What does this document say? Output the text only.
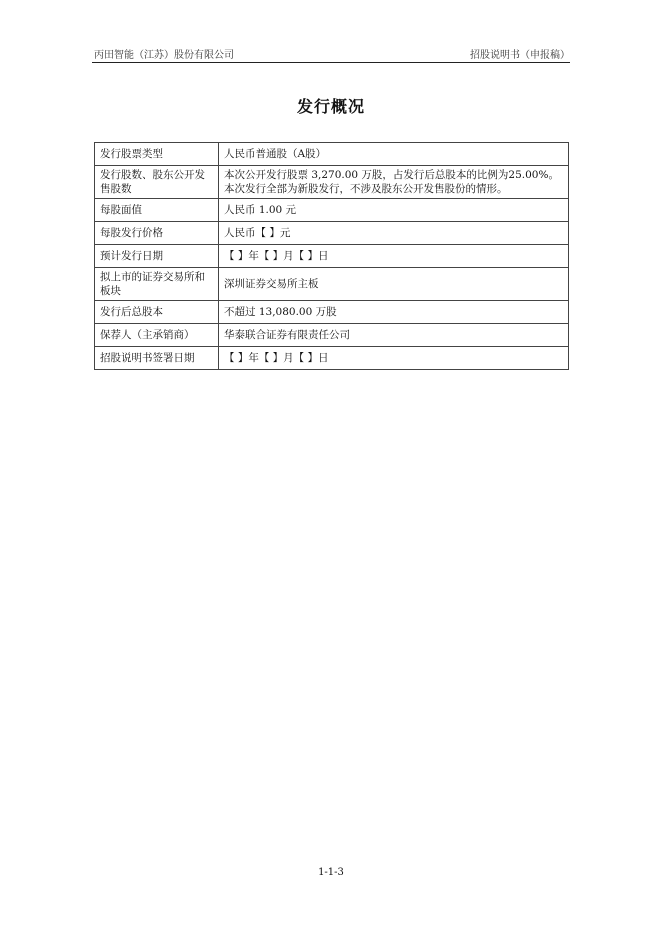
丙田智能（江苏）股份有限公司	招股说明书（申报稿）
发行概况
发行股票类型	人民币普通股（A股）
发行股数、股东公开发售股数	本次公开发行股票 3,270.00 万股，占发行后总股本的比例为25.00%。本次发行全部为新股发行，不涉及股东公开发售股份的情形。
每股面值	人民币 1.00 元
每股发行价格	人民币【 】元
预计发行日期	【 】年【 】月【 】日
拟上市的证券交易所和板块	深圳证券交易所主板
发行后总股本	不超过 13,080.00 万股
保荐人（主承销商）	华泰联合证券有限责任公司
招股说明书签署日期	【 】年【 】月【 】日
1-1-3
